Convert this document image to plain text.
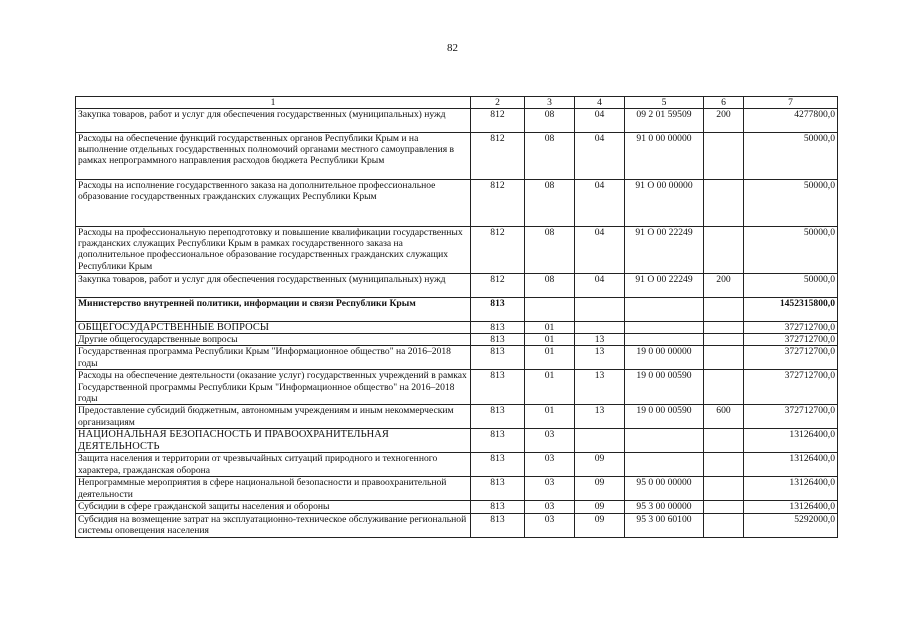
82
1	2	3	4	5	6	7
Закупка товаров, работ и услуг для обеспечения государственных (муниципальных) нужд	812	08	04	09 2 01 59509	200	4277800,0
Расходы на обеспечение функций государственных органов Республики Крым и на выполнение отдельных государственных полномочий органами местного самоуправления в рамках непрограммного направления расходов бюджета Республики Крым	812	08	04	91 0 00 00000		50000,0
Расходы на исполнение государственного заказа на дополнительное профессиональное образование государственных гражданских служащих Республики Крым	812	08	04	91 О 00 00000		50000,0
Расходы на профессиональную переподготовку и повышение квалификации государственных гражданских служащих Республики Крым в рамках государственного заказа на дополнительное профессиональное образование государственных гражданских служащих Республики Крым	812	08	04	91 О 00 22249		50000,0
Закупка товаров, работ и услуг для обеспечения государственных (муниципальных) нужд	812	08	04	91 О 00 22249	200	50000,0
Министерство внутренней политики, информации и связи Республики Крым	813					1452315800,0
ОБЩЕГОСУДАРСТВЕННЫЕ ВОПРОСЫ	813	01				372712700,0
Другие общегосударственные вопросы	813	01	13			372712700,0
Государственная программа Республики Крым "Информационное общество" на 2016–2018 годы	813	01	13	19 0 00 00000		372712700,0
Расходы на обеспечение деятельности (оказание услуг) государственных учреждений в рамках Государственной программы Республики Крым "Информационное общество" на 2016–2018 годы	813	01	13	19 0 00 00590		372712700,0
Предоставление субсидий бюджетным, автономным учреждениям и иным некоммерческим организациям	813	01	13	19 0 00 00590	600	372712700,0
НАЦИОНАЛЬНАЯ БЕЗОПАСНОСТЬ И ПРАВООХРАНИТЕЛЬНАЯ ДЕЯТЕЛЬНОСТЬ	813	03				13126400,0
Защита населения и территории от чрезвычайных ситуаций природного и техногенного характера, гражданская оборона	813	03	09			13126400,0
Непрограммные мероприятия в сфере национальной безопасности и правоохранительной деятельности	813	03	09	95 0 00 00000		13126400,0
Субсидии в сфере гражданской защиты населения и обороны	813	03	09	95 3 00 00000		13126400,0
Субсидия на возмещение затрат на эксплуатационно-техническое обслуживание региональной системы оповещения населения	813	03	09	95 3 00 60100		5292000,0
